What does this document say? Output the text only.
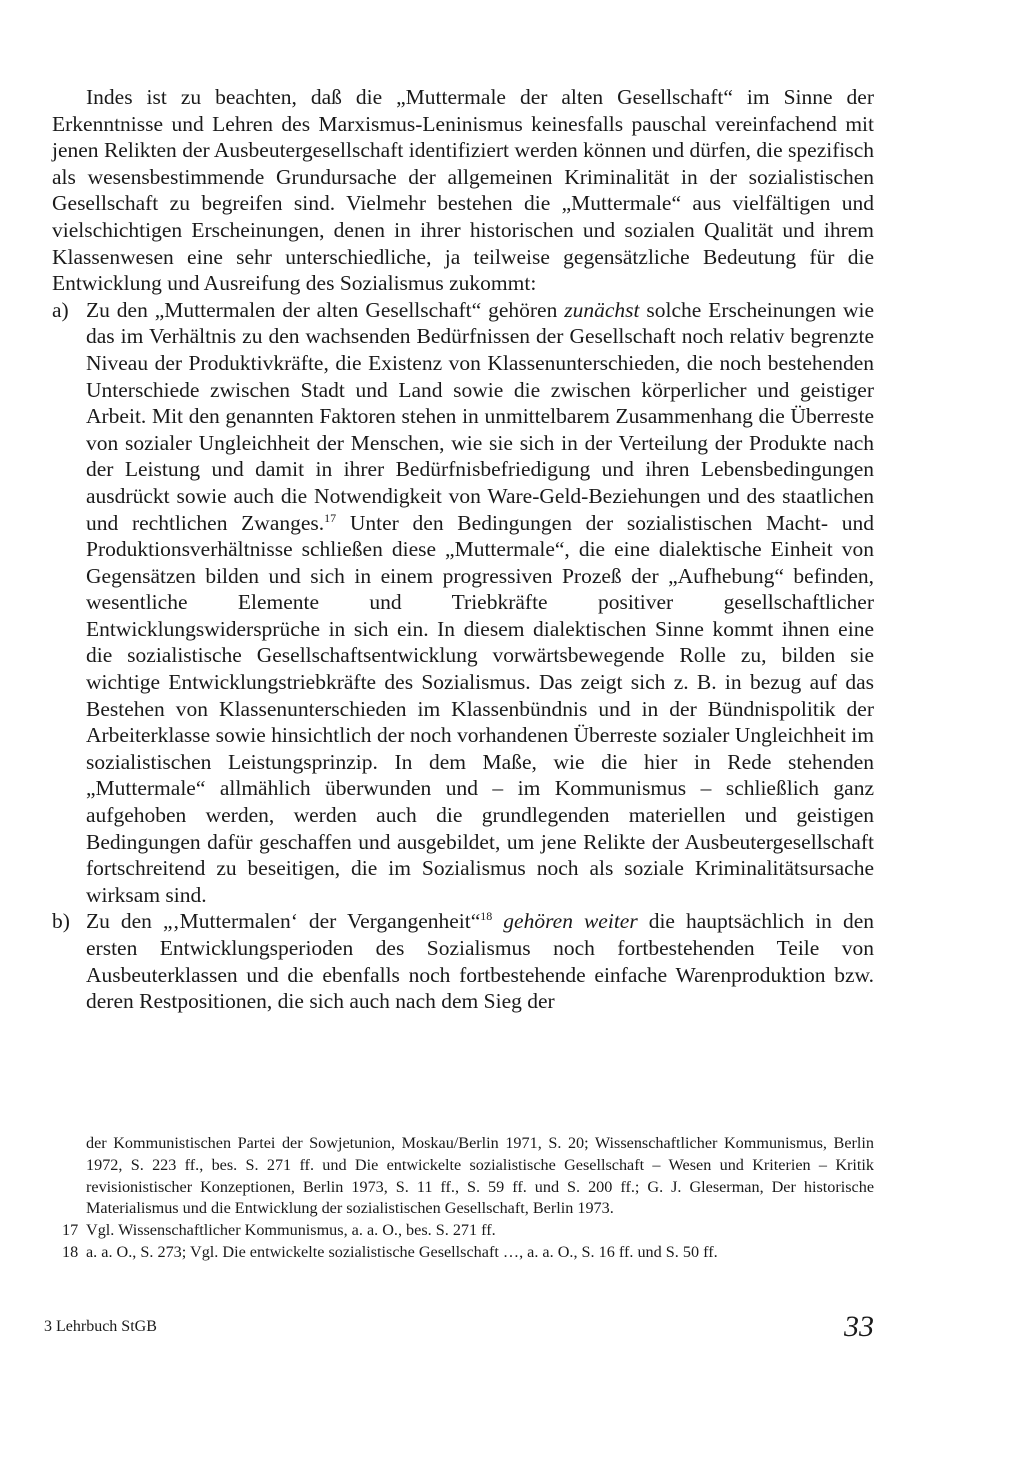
Indes ist zu beachten, daß die „Muttermale der alten Gesellschaft“ im Sinne der Erkenntnisse und Lehren des Marxismus-Leninismus keinesfalls pauschal vereinfachend mit jenen Relikten der Ausbeutergesellschaft identifiziert werden können und dürfen, die spezifisch als wesensbestimmende Grundursache der allgemeinen Kriminalität in der sozialistischen Gesellschaft zu begreifen sind. Vielmehr bestehen die „Muttermale“ aus vielfältigen und vielschichtigen Erscheinungen, denen in ihrer historischen und sozialen Qualität und ihrem Klassenwesen eine sehr unterschiedliche, ja teilweise gegensätzliche Bedeutung für die Entwicklung und Ausreifung des Sozialismus zukommt:

a) Zu den „Muttermalen der alten Gesellschaft“ gehören zunächst solche Erscheinungen wie das im Verhältnis zu den wachsenden Bedürfnissen der Gesellschaft noch relativ begrenzte Niveau der Produktivkräfte, die Existenz von Klassenunterschieden, die noch bestehenden Unterschiede zwischen Stadt und Land sowie die zwischen körperlicher und geistiger Arbeit. Mit den genannten Faktoren stehen in unmittelbarem Zusammenhang die Überreste von sozialer Ungleichheit der Menschen, wie sie sich in der Verteilung der Produkte nach der Leistung und damit in ihrer Bedürfnisbefriedigung und ihren Lebensbedingungen ausdrückt sowie auch die Notwendigkeit von Ware-Geld-Beziehungen und des staatlichen und rechtlichen Zwanges.$^{17}$ Unter den Bedingungen der sozialistischen Macht- und Produktionsverhältnisse schließen diese „Muttermale“, die eine dialektische Einheit von Gegensätzen bilden und sich in einem progressiven Prozeß der „Aufhebung“ befinden, wesentliche Elemente und Triebkräfte positiver gesellschaftlicher Entwicklungswidersprüche in sich ein. In diesem dialektischen Sinne kommt ihnen eine die sozialistische Gesellschaftsentwicklung vorwärtsbewegende Rolle zu, bilden sie wichtige Entwicklungstriebkräfte des Sozialismus. Das zeigt sich z. B. in bezug auf das Bestehen von Klassenunterschieden im Klassenbündnis und in der Bündnispolitik der Arbeiterklasse sowie hinsichtlich der noch vorhandenen Überreste sozialer Ungleichheit im sozialistischen Leistungsprinzip. In dem Maße, wie die hier in Rede stehenden „Muttermale“ allmählich überwunden und – im Kommunismus – schließlich ganz aufgehoben werden, werden auch die grundlegenden materiellen und geistigen Bedingungen dafür geschaffen und ausgebildet, um jene Relikte der Ausbeutergesellschaft fortschreitend zu beseitigen, die im Sozialismus noch als soziale Kriminalitätsursache wirksam sind.

b) Zu den „‚Muttermalen‘ der Vergangenheit“$^{18}$ gehören weiter die hauptsächlich in den ersten Entwicklungsperioden des Sozialismus noch fortbestehenden Teile von Ausbeuterklassen und die ebenfalls noch fortbestehende einfache Warenproduktion bzw. deren Restpositionen, die sich auch nach dem Sieg der

der Kommunistischen Partei der Sowjetunion, Moskau/Berlin 1971, S. 20; Wissenschaftlicher Kommunismus, Berlin 1972, S. 223 ff., bes. S. 271 ff. und Die entwickelte sozialistische Gesellschaft – Wesen und Kriterien – Kritik revisionistischer Konzeptionen, Berlin 1973, S. 11 ff., S. 59 ff. und S. 200 ff.; G. J. Gleserman, Der historische Materialismus und die Entwicklung der sozialistischen Gesellschaft, Berlin 1973.

17 Vgl. Wissenschaftlicher Kommunismus, a. a. O., bes. S. 271 ff.

18 a. a. O., S. 273; Vgl. Die entwickelte sozialistische Gesellschaft …, a. a. O., S. 16 ff. und S. 50 ff.

3 Lehrbuch StGB	33
